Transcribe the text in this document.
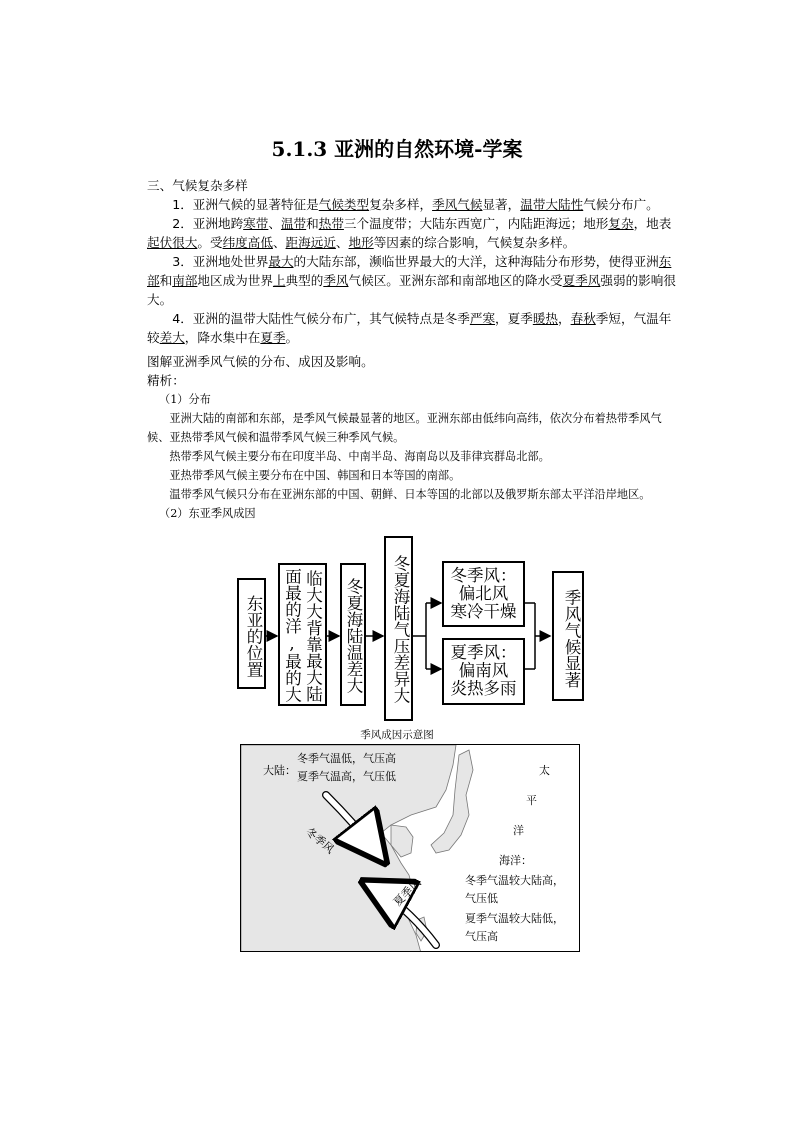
5.1.3 亚洲的自然环境-学案

三、气候复杂多样

1．亚洲气候的显著特征是气候类型复杂多样，季风气候显著，温带大陆性气候分布广。

2．亚洲地跨寒带、温带和热带三个温度带；大陆东西宽广，内陆距海远；地形复杂，地表起伏很大。受纬度高低、距海远近、地形等因素的综合影响，气候复杂多样。

3．亚洲地处世界最大的大陆东部，濒临世界最大的大洋，这种海陆分布形势，使得亚洲东部和南部地区成为世界上典型的季风气候区。亚洲东部和南部地区的降水受夏季风强弱的影响很大。

4．亚洲的温带大陆性气候分布广，其气候特点是冬季严寒，夏季暖热，春秋季短，气温年较差大，降水集中在夏季。

图解亚洲季风气候的分布、成因及影响。

精析：

（1）分布

亚洲大陆的南部和东部，是季风气候最显著的地区。亚洲东部由低纬向高纬，依次分布着热带季风气候、亚热带季风气候和温带季风气候三种季风气候。

热带季风气候主要分布在印度半岛、中南半岛、海南岛以及菲律宾群岛北部。

亚热带季风气候主要分布在中国、韩国和日本等国的南部。

温带季风气候只分布在亚洲东部的中国、朝鲜、日本等国的北部以及俄罗斯东部太平洋沿岸地区。

（2）东亚季风成因

东亚的位置 临大大背靠最大陆
面最的洋,最的大	冬夏海陆温差大	冬夏海陆气压差异大	冬季风：
偏北风
寒冷干燥
夏季风：
偏南风
炎热多雨
季风气候显著
季风成因示意图
大陆：
冬季气温低，气压高
夏季气温高，气压低
冬季风
夏季风
太
平
洋
海洋：
冬季气温较大陆高，
气压低
夏季气温较大陆低，
气压高
